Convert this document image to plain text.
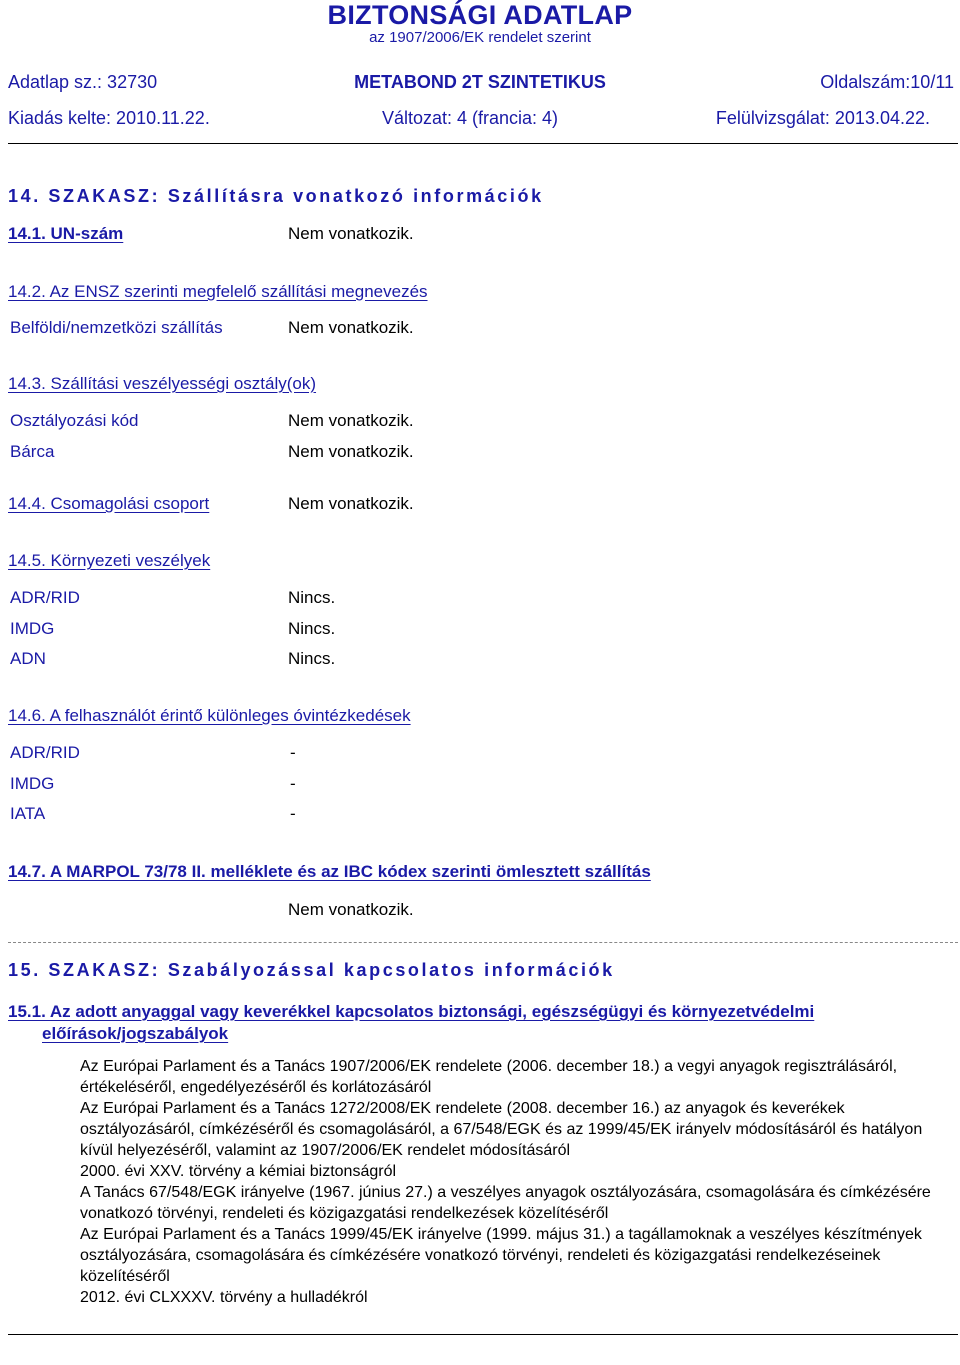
BIZTONSÁGI ADATLAP
az 1907/2006/EK rendelet szerint
Adatlap sz.: 32730	METABOND 2T SZINTETIKUS	Oldalszám:10/11
Kiadás kelte: 2010.11.22.	Változat: 4 (francia: 4)	Felülvizsgálat: 2013.04.22.
14. SZAKASZ: Szállításra vonatkozó információk
14.1. UN-szám	Nem vonatkozik.
14.2. Az ENSZ szerinti megfelelő szállítási megnevezés
Belföldi/nemzetközi szállítás	Nem vonatkozik.
14.3. Szállítási veszélyességi osztály(ok)
Osztályozási kód	Nem vonatkozik.
Bárca	Nem vonatkozik.
14.4. Csomagolási csoport	Nem vonatkozik.
14.5. Környezeti veszélyek
ADR/RID	Nincs.
IMDG	Nincs.
ADN	Nincs.
14.6. A felhasználót érintő különleges óvintézkedések
ADR/RID	-
IMDG	-
IATA	-
14.7. A MARPOL 73/78 II. melléklete és az IBC kódex szerinti ömlesztett szállítás
Nem vonatkozik.
15. SZAKASZ: Szabályozással kapcsolatos információk
15.1. Az adott anyaggal vagy keverékkel kapcsolatos biztonsági, egészségügyi és környezetvédelmi
előírások/jogszabályok
Az Európai Parlament és a Tanács 1907/2006/EK rendelete (2006. december 18.) a vegyi anyagok regisztrálásáról, értékeléséről, engedélyezéséről és korlátozásáról
Az Európai Parlament és a Tanács 1272/2008/EK rendelete (2008. december 16.) az anyagok és keverékek osztályozásáról, címkézéséről és csomagolásáról, a 67/548/EGK és az 1999/45/EK irányelv módosításáról és hatályon kívül helyezéséről, valamint az 1907/2006/EK rendelet módosításáról
2000. évi XXV. törvény a kémiai biztonságról
A Tanács 67/548/EGK irányelve (1967. június 27.) a veszélyes anyagok osztályozására, csomagolására és címkézésére vonatkozó törvényi, rendeleti és közigazgatási rendelkezések közelítéséről
Az Európai Parlament és a Tanács 1999/45/EK irányelve (1999. május 31.) a tagállamoknak a veszélyes készítmények osztályozására, csomagolására és címkézésére vonatkozó törvényi, rendeleti és közigazgatási rendelkezéseinek közelítéséről
2012. évi CLXXXV. törvény a hulladékról
